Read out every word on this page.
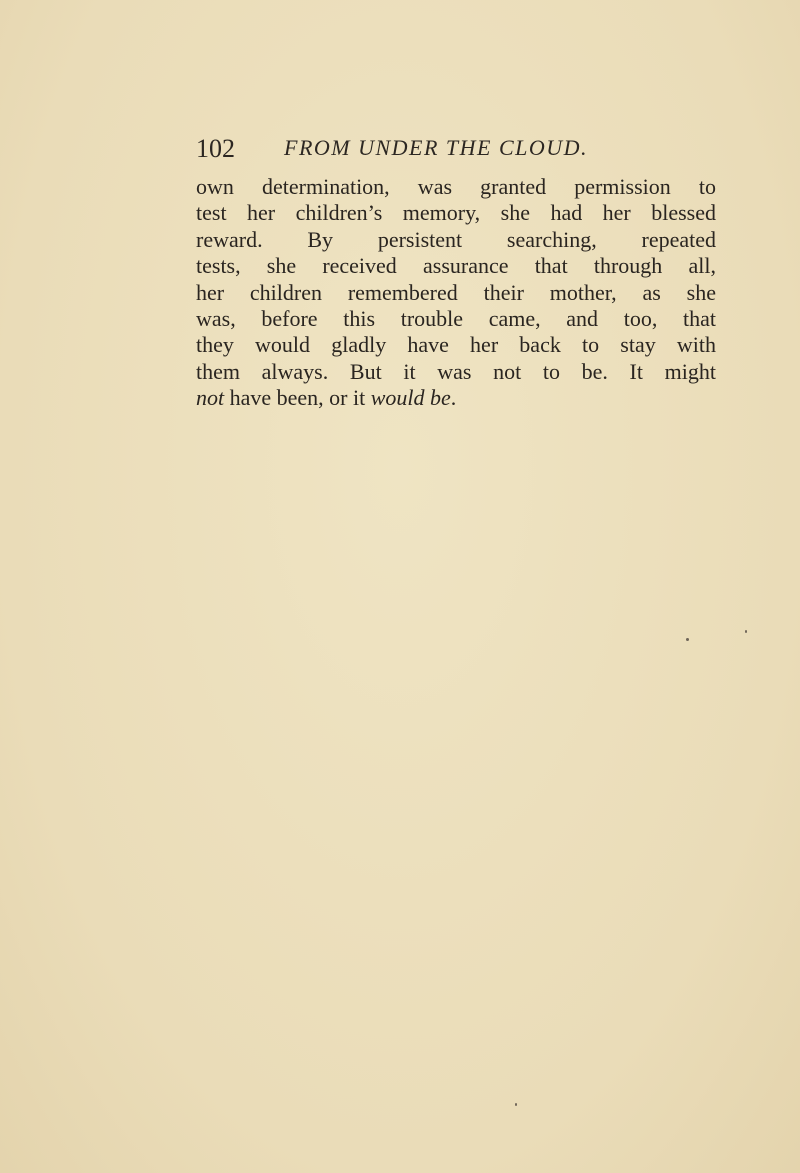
102 FROM UNDER THE CLOUD.
own determination, was granted permission to
test her children’s memory, she had her blessed
reward. By persistent searching, repeated
tests, she received assurance that through all,
her children remembered their mother, as she
was, before this trouble came, and too, that
they would gladly have her back to stay with
them always. But it was not to be. It might
not have been, or it would be.
